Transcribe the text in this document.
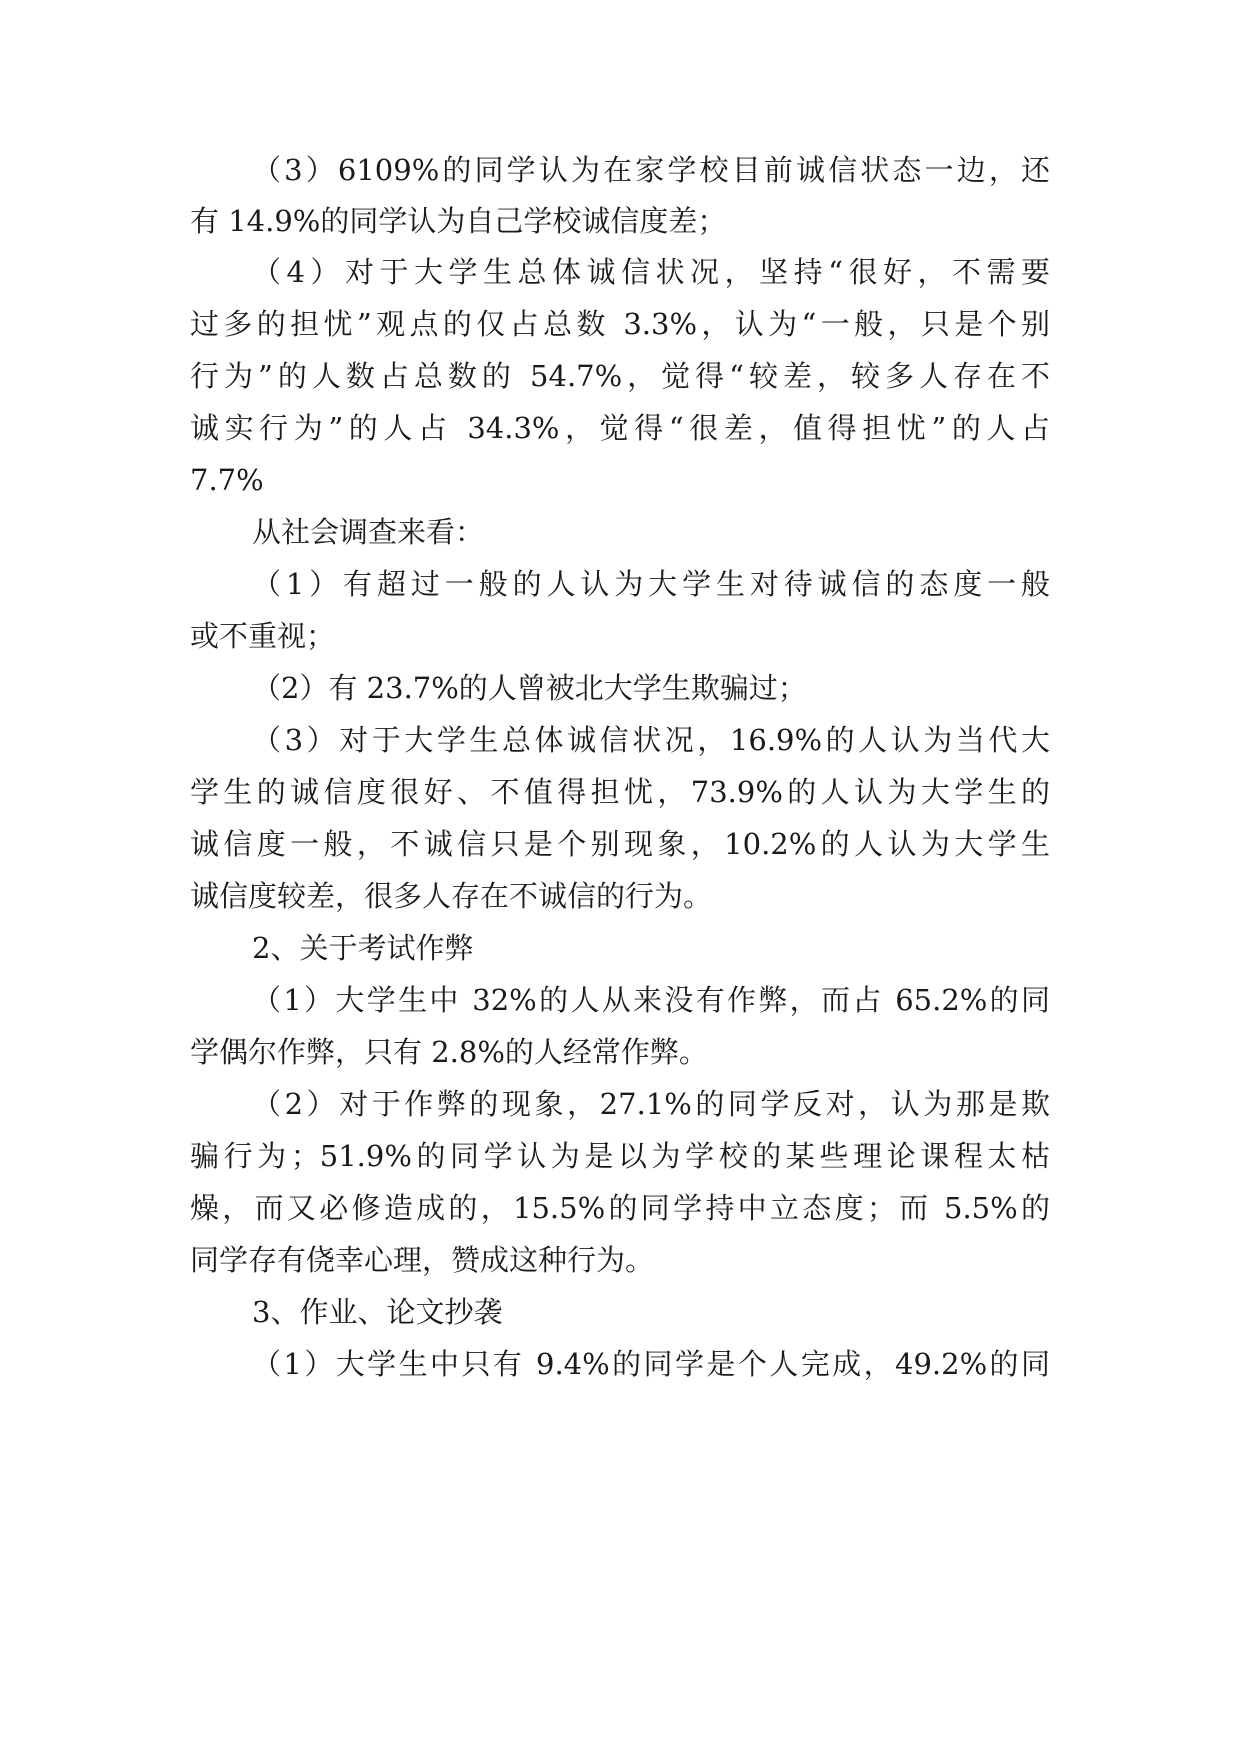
（3）6109%的同学认为在家学校目前诚信状态一边，还
有 14.9%的同学认为自己学校诚信度差；
（4）对于大学生总体诚信状况，坚持“很好，不需要
过多的担忧”观点的仅占总数 3.3%，认为“一般，只是个别
行为”的人数占总数的 54.7%，觉得“较差，较多人存在不
诚实行为”的人占 34.3%，觉得“很差，值得担忧”的人占
7.7%
从社会调查来看：
（1）有超过一般的人认为大学生对待诚信的态度一般
或不重视；
（2）有 23.7%的人曾被北大学生欺骗过；
（3）对于大学生总体诚信状况，16.9%的人认为当代大
学生的诚信度很好、不值得担忧，73.9%的人认为大学生的
诚信度一般，不诚信只是个别现象，10.2%的人认为大学生
诚信度较差，很多人存在不诚信的行为。
2、关于考试作弊
（1）大学生中 32%的人从来没有作弊，而占 65.2%的同
学偶尔作弊，只有 2.8%的人经常作弊。
（2）对于作弊的现象，27.1%的同学反对，认为那是欺
骗行为；51.9%的同学认为是以为学校的某些理论课程太枯
燥，而又必修造成的，15.5%的同学持中立态度；而 5.5%的
同学存有侥幸心理，赞成这种行为。
3、作业、论文抄袭
（1）大学生中只有 9.4%的同学是个人完成，49.2%的同
